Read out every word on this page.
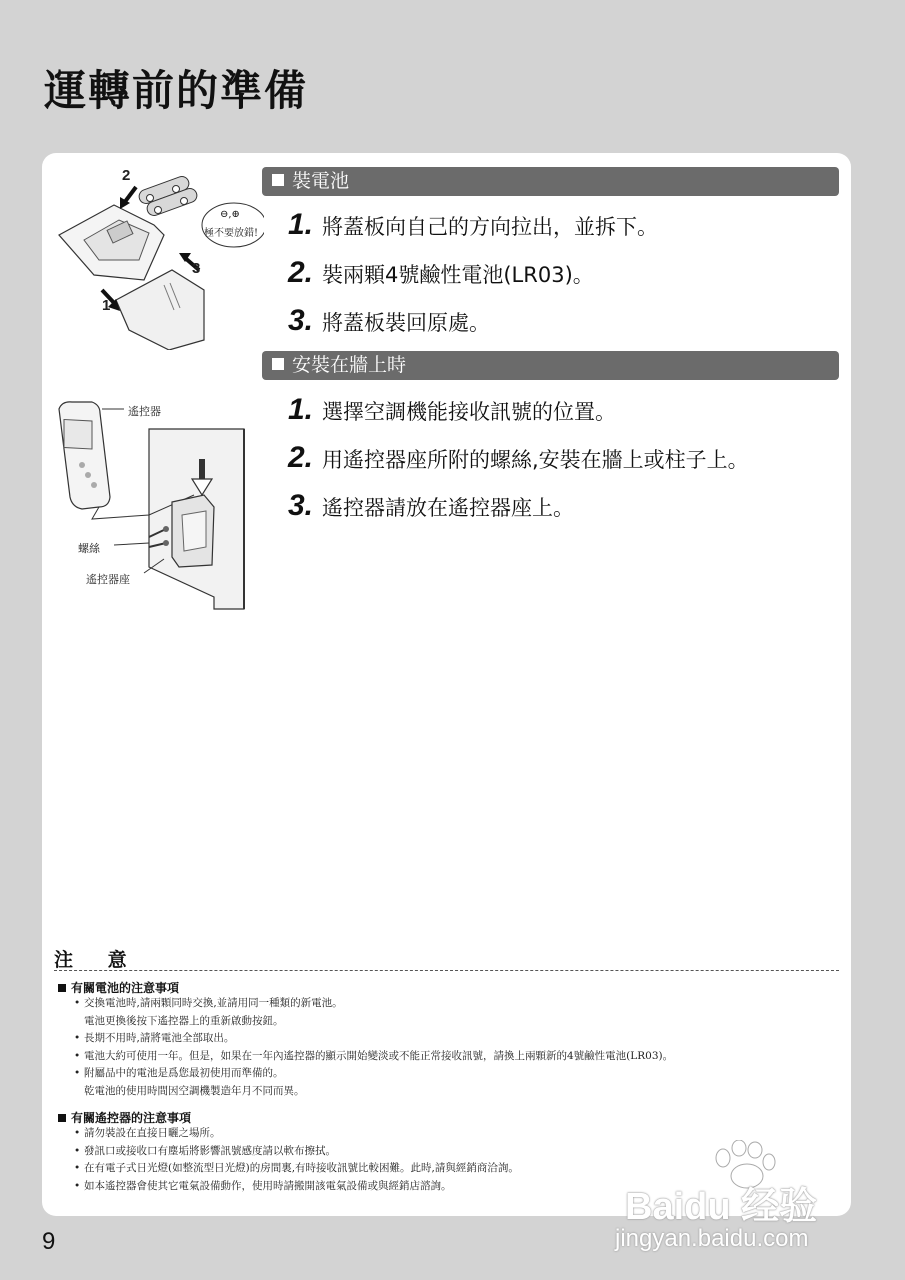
運轉前的準備
1
2
3
⊖,⊕
極不要放錯!
裝電池
1. 將蓋板向自己的方向拉出，並拆下。
2. 裝兩顆4號鹼性電池(LR03)。
3. 將蓋板裝回原處。
安裝在牆上時
1. 選擇空調機能接收訊號的位置。
2. 用遙控器座所附的螺絲,安裝在牆上或柱子上。
3. 遙控器請放在遙控器座上。
遙控器
螺絲
遙控器座
注 意
有關電池的注意事項
• 交換電池時,請兩顆同時交換,並請用同一種類的新電池。
電池更換後按下遙控器上的重新啟動按鈕。
• 長期不用時,請將電池全部取出。
• 電池大約可使用一年。但是，如果在一年內遙控器的顯示開始變淡或不能正常接收訊號，請換上兩顆新的4號鹼性電池(LR03)。
• 附屬品中的電池是爲您最初使用而準備的。
乾電池的使用時間因空調機製造年月不同而異。
有關遙控器的注意事項
• 請勿裝設在直接日曬之場所。
• 發訊口或接收口有塵垢將影響訊號感度請以軟布擦拭。
• 在有電子式日光燈(如整流型日光燈)的房間裏,有時接收訊號比較困難。此時,請與經銷商洽詢。
• 如本遙控器會使其它電氣設備動作，使用時請搬開該電氣設備或與經銷店諮詢。
Baidu 经验
jingyan.baidu.com
9
